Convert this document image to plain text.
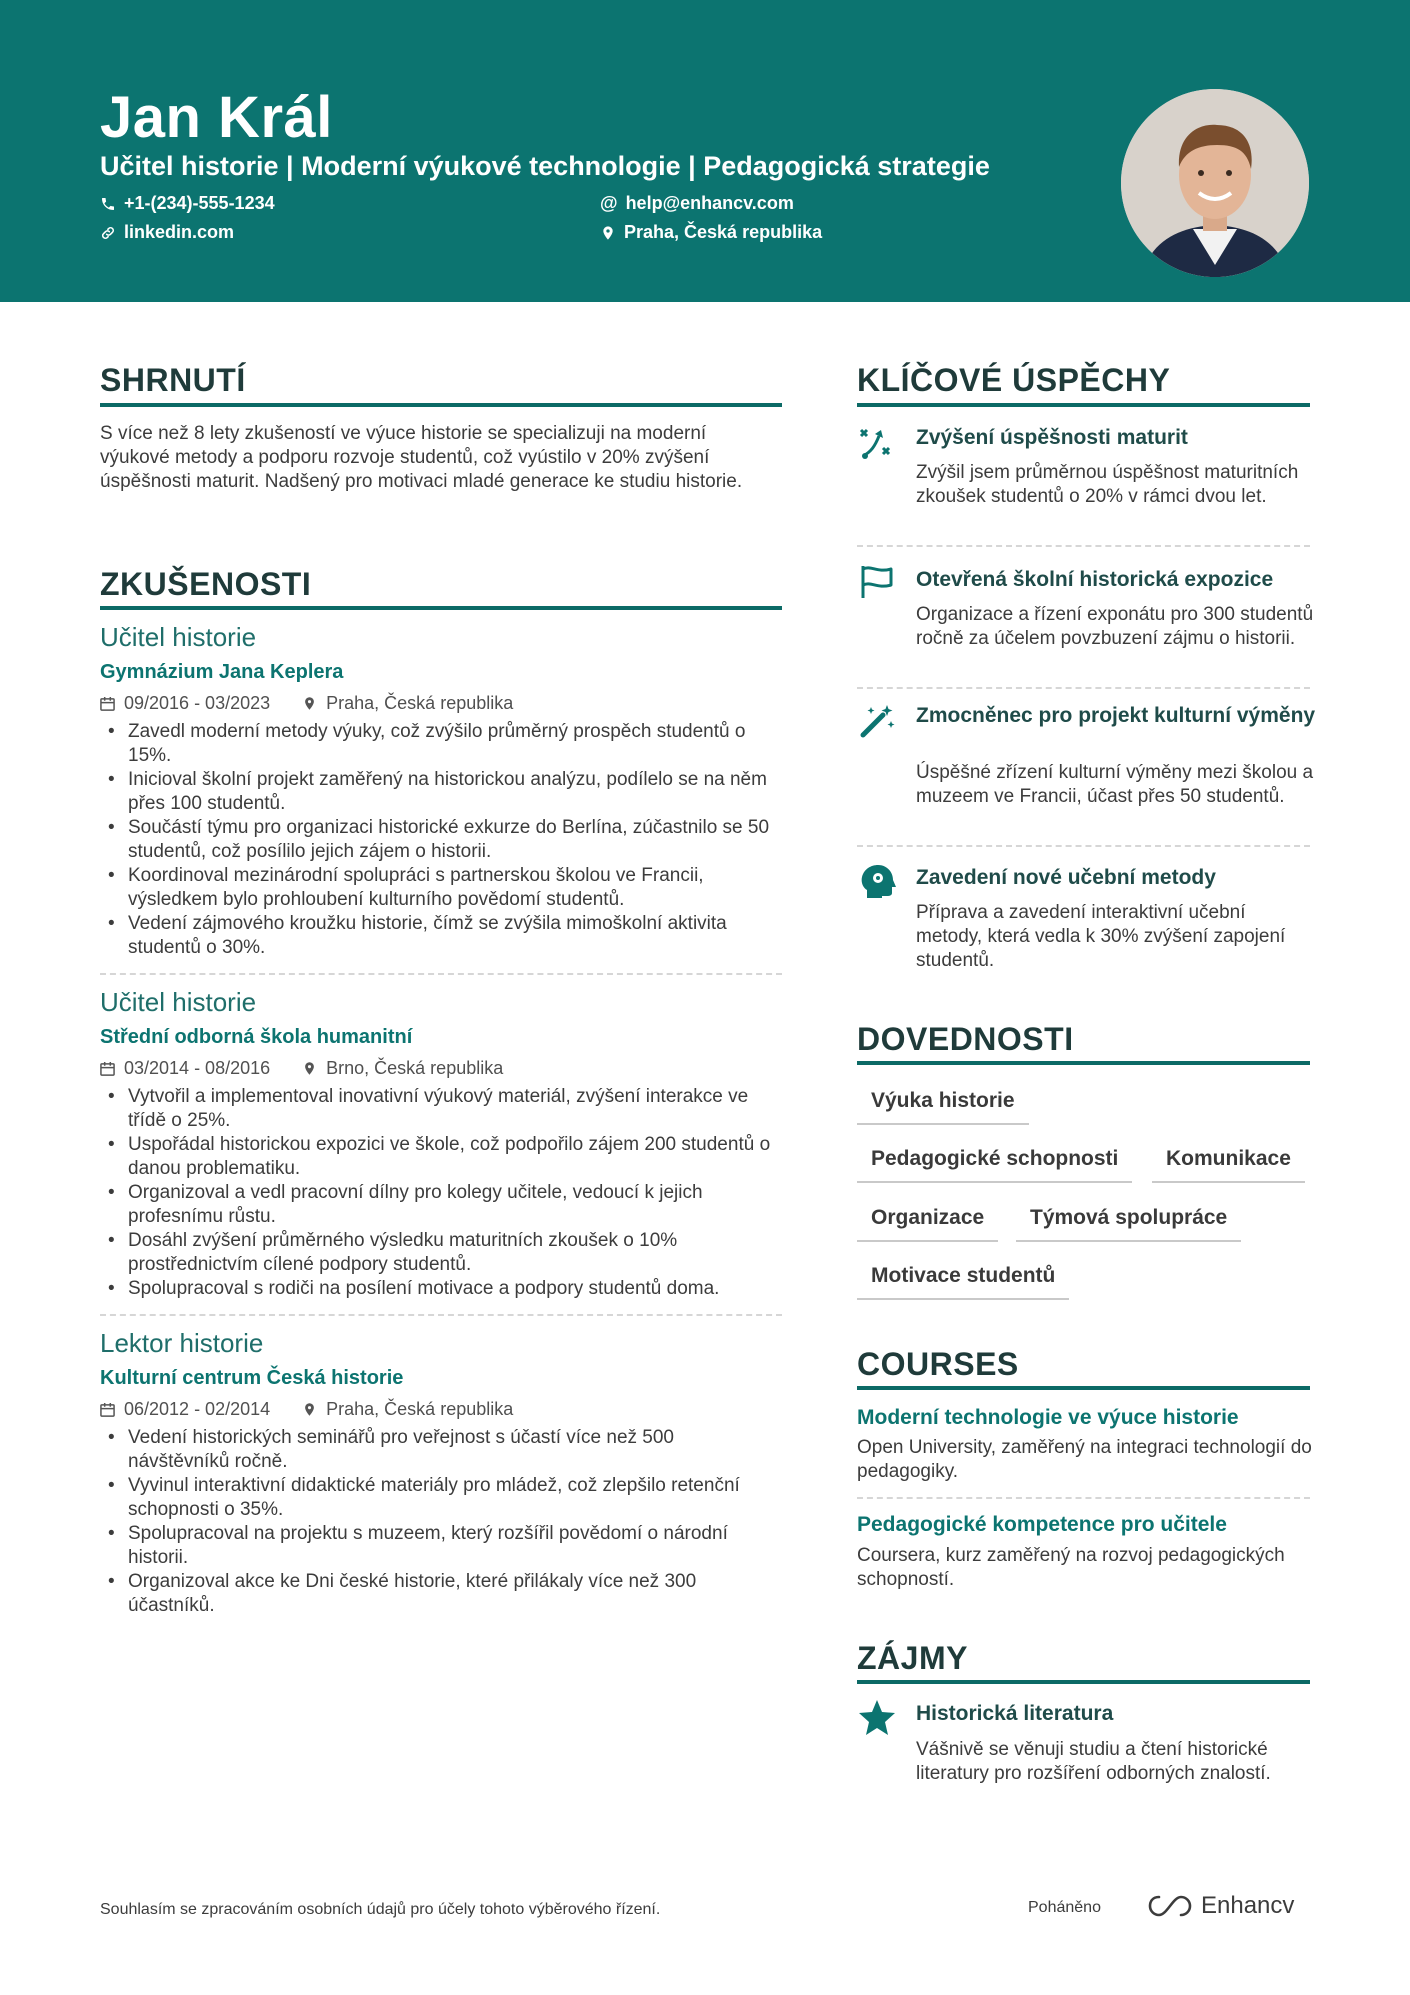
Jan Král
Učitel historie | Moderní výukové technologie | Pedagogická strategie
+1-(234)-555-1234	@ help@enhancv.com
linkedin.com	Praha, Česká republika
SHRNUTÍ
S více než 8 lety zkušeností ve výuce historie se specializuji na moderní výukové metody a podporu rozvoje studentů, což vyústilo v 20% zvýšení úspěšnosti maturit. Nadšený pro motivaci mladé generace ke studiu historie.
ZKUŠENOSTI
Učitel historie
Gymnázium Jana Keplera
09/2016 - 03/2023	Praha, Česká republika
• Zavedl moderní metody výuky, což zvýšilo průměrný prospěch studentů o 15%.
• Inicioval školní projekt zaměřený na historickou analýzu, podílelo se na něm přes 100 studentů.
• Součástí týmu pro organizaci historické exkurze do Berlína, zúčastnilo se 50 studentů, což posílilo jejich zájem o historii.
• Koordinoval mezinárodní spolupráci s partnerskou školou ve Francii, výsledkem bylo prohloubení kulturního povědomí studentů.
• Vedení zájmového kroužku historie, čímž se zvýšila mimoškolní aktivita studentů o 30%.
Učitel historie
Střední odborná škola humanitní
03/2014 - 08/2016	Brno, Česká republika
• Vytvořil a implementoval inovativní výukový materiál, zvýšení interakce ve třídě o 25%.
• Uspořádal historickou expozici ve škole, což podpořilo zájem 200 studentů o danou problematiku.
• Organizoval a vedl pracovní dílny pro kolegy učitele, vedoucí k jejich profesnímu růstu.
• Dosáhl zvýšení průměrného výsledku maturitních zkoušek o 10% prostřednictvím cílené podpory studentů.
• Spolupracoval s rodiči na posílení motivace a podpory studentů doma.
Lektor historie
Kulturní centrum Česká historie
06/2012 - 02/2014	Praha, Česká republika
• Vedení historických seminářů pro veřejnost s účastí více než 500 návštěvníků ročně.
• Vyvinul interaktivní didaktické materiály pro mládež, což zlepšilo retenční schopnosti o 35%.
• Spolupracoval na projektu s muzeem, který rozšířil povědomí o národní historii.
• Organizoval akce ke Dni české historie, které přilákaly více než 300 účastníků.
KLÍČOVÉ ÚSPĚCHY
Zvýšení úspěšnosti maturit
Zvýšil jsem průměrnou úspěšnost maturitních zkoušek studentů o 20% v rámci dvou let.
Otevřená školní historická expozice
Organizace a řízení exponátu pro 300 studentů ročně za účelem povzbuzení zájmu o historii.
Zmocněnec pro projekt kulturní výměny
Úspěšné zřízení kulturní výměny mezi školou a muzeem ve Francii, účast přes 50 studentů.
Zavedení nové učební metody
Příprava a zavedení interaktivní učební metody, která vedla k 30% zvýšení zapojení studentů.
DOVEDNOSTI
Výuka historie
Pedagogické schopnosti	Komunikace
Organizace	Týmová spolupráce
Motivace studentů
COURSES
Moderní technologie ve výuce historie
Open University, zaměřený na integraci technologií do pedagogiky.
Pedagogické kompetence pro učitele
Coursera, kurz zaměřený na rozvoj pedagogických schopností.
ZÁJMY
Historická literatura
Vášnivě se věnuji studiu a čtení historické literatury pro rozšíření odborných znalostí.
Souhlasím se zpracováním osobních údajů pro účely tohoto výběrového řízení.	Poháněno	Enhancv
